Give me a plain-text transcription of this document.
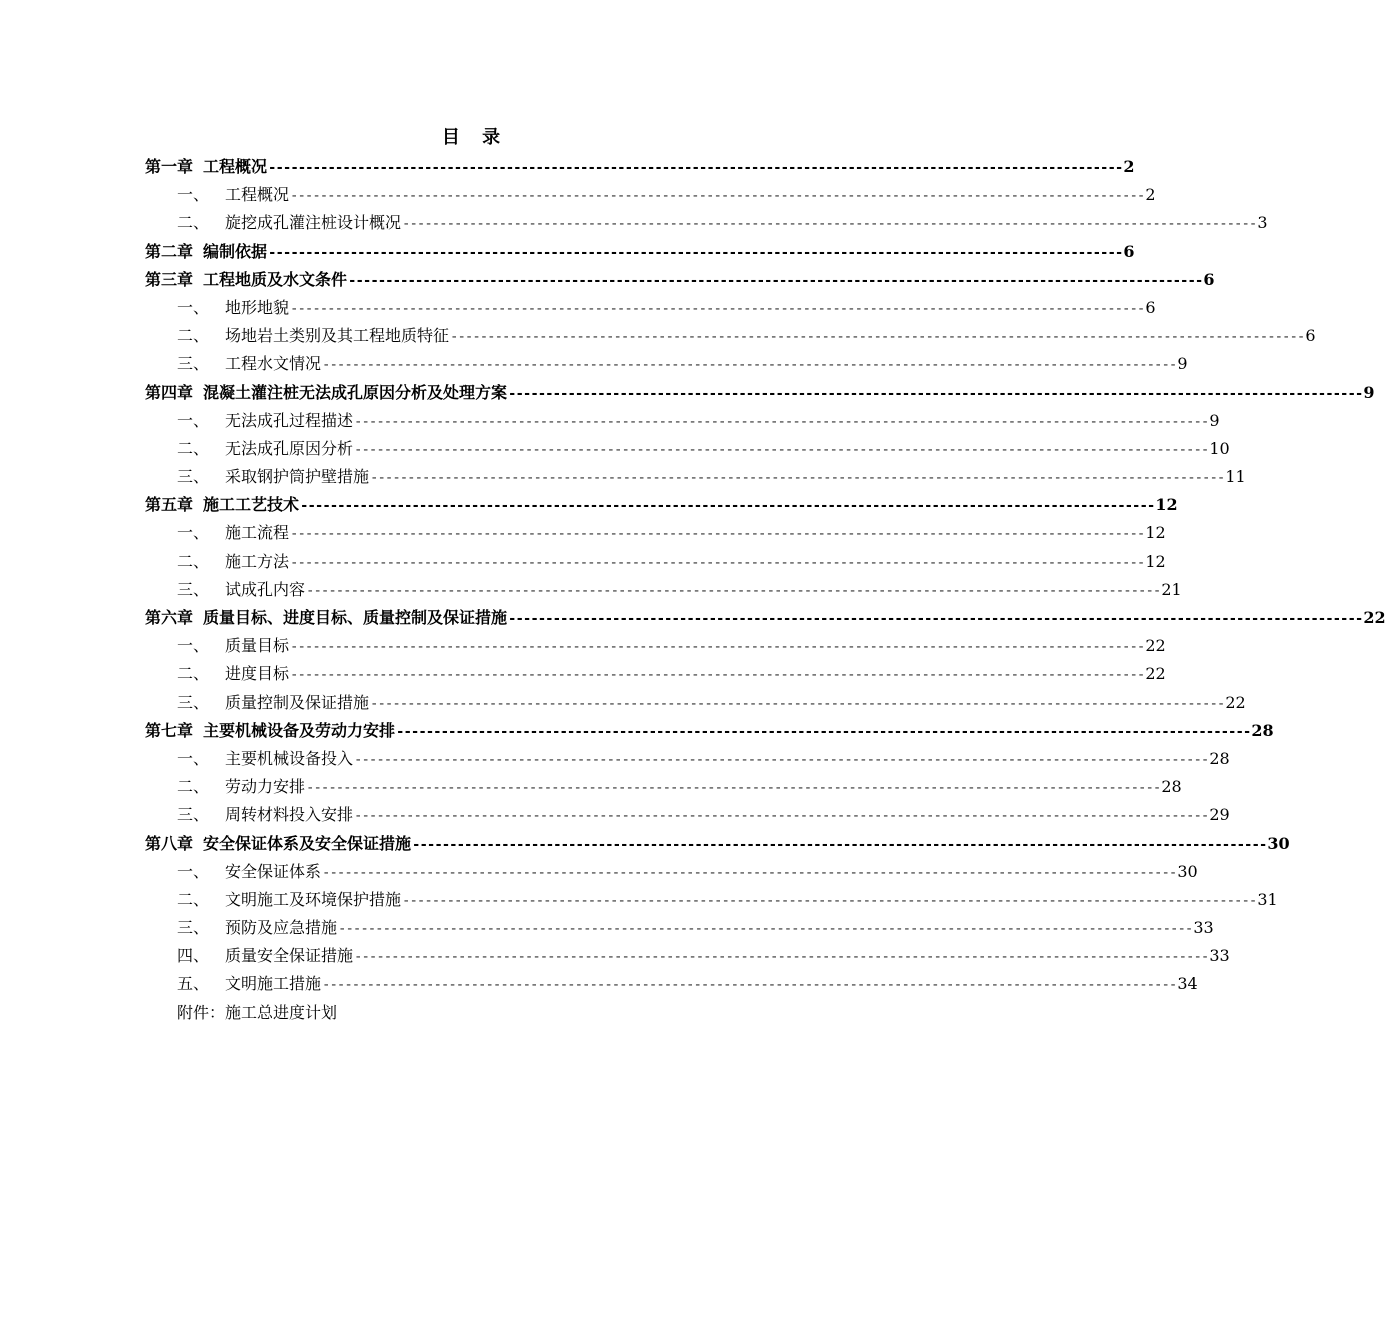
目 录
第一章 工程概况 ------------------------------------------------------------------------------------------------------------------- 2
一、 工程概况 ------------------------------------------------------------------------------------------------------------------- 2
二、 旋挖成孔灌注桩设计概况 ------------------------------------------------------------------------------------------------------------------- 3
第二章 编制依据 ------------------------------------------------------------------------------------------------------------------- 6
第三章 工程地质及水文条件 ------------------------------------------------------------------------------------------------------------------- 6
一、 地形地貌 ------------------------------------------------------------------------------------------------------------------- 6
二、 场地岩土类别及其工程地质特征 ------------------------------------------------------------------------------------------------------------------- 6
三、 工程水文情况 ------------------------------------------------------------------------------------------------------------------- 9
第四章 混凝土灌注桩无法成孔原因分析及处理方案 ------------------------------------------------------------------------------------------------------------------- 9
一、 无法成孔过程描述 ------------------------------------------------------------------------------------------------------------------- 9
二、 无法成孔原因分析 ------------------------------------------------------------------------------------------------------------------- 10
三、 采取钢护筒护壁措施 ------------------------------------------------------------------------------------------------------------------- 11
第五章 施工工艺技术 ------------------------------------------------------------------------------------------------------------------- 12
一、 施工流程 ------------------------------------------------------------------------------------------------------------------- 12
二、 施工方法 ------------------------------------------------------------------------------------------------------------------- 12
三、 试成孔内容 ------------------------------------------------------------------------------------------------------------------- 21
第六章 质量目标、进度目标、质量控制及保证措施 ------------------------------------------------------------------------------------------------------------------- 22
一、 质量目标 ------------------------------------------------------------------------------------------------------------------- 22
二、 进度目标 ------------------------------------------------------------------------------------------------------------------- 22
三、 质量控制及保证措施 ------------------------------------------------------------------------------------------------------------------- 22
第七章 主要机械设备及劳动力安排 ------------------------------------------------------------------------------------------------------------------- 28
一、 主要机械设备投入 ------------------------------------------------------------------------------------------------------------------- 28
二、 劳动力安排 ------------------------------------------------------------------------------------------------------------------- 28
三、 周转材料投入安排 ------------------------------------------------------------------------------------------------------------------- 29
第八章 安全保证体系及安全保证措施 ------------------------------------------------------------------------------------------------------------------- 30
一、 安全保证体系 ------------------------------------------------------------------------------------------------------------------- 30
二、 文明施工及环境保护措施 ------------------------------------------------------------------------------------------------------------------- 31
三、 预防及应急措施 ------------------------------------------------------------------------------------------------------------------- 33
四、 质量安全保证措施 ------------------------------------------------------------------------------------------------------------------- 33
五、 文明施工措施 ------------------------------------------------------------------------------------------------------------------- 34
附件：施工总进度计划
